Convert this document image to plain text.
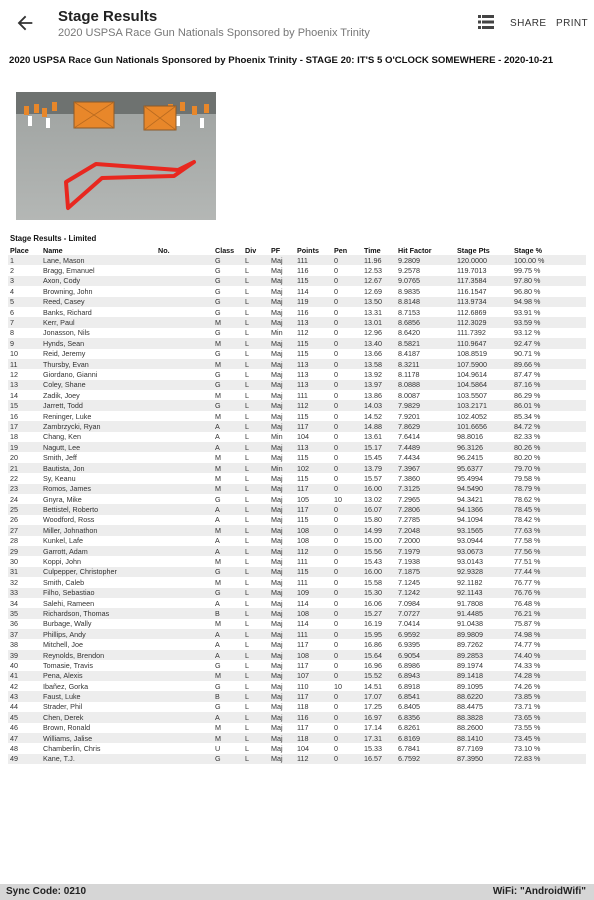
Stage Results
2020 USPSA Race Gun Nationals Sponsored by Phoenix Trinity
SHARE PRINT
2020 USPSA Race Gun Nationals Sponsored by Phoenix Trinity - STAGE 20: IT'S 5 O'CLOCK SOMEWHERE - 2020-10-21
Stage Results - Limited
Place	Name	No.	Class	Div	PF	Points	Pen	Time	Hit Factor	Stage Pts	Stage %
1	Lane, Mason		G	L	Maj	111	0	11.96	9.2809	120.0000	100.00 %
2	Bragg, Emanuel		G	L	Maj	116	0	12.53	9.2578	119.7013	99.75 %
3	Axon, Cody		G	L	Maj	115	0	12.67	9.0765	117.3584	97.80 %
4	Browning, John		G	L	Maj	114	0	12.69	8.9835	116.1547	96.80 %
5	Reed, Casey		G	L	Maj	119	0	13.50	8.8148	113.9734	94.98 %
6	Banks, Richard		G	L	Maj	116	0	13.31	8.7153	112.6869	93.91 %
7	Kerr, Paul		M	L	Maj	113	0	13.01	8.6856	112.3029	93.59 %
8	Jonasson, Nils		G	L	Min	112	0	12.96	8.6420	111.7392	93.12 %
9	Hynds, Sean		M	L	Maj	115	0	13.40	8.5821	110.9647	92.47 %
10	Reid, Jeremy		G	L	Maj	115	0	13.66	8.4187	108.8519	90.71 %
11	Thursby, Evan		M	L	Maj	113	0	13.58	8.3211	107.5900	89.66 %
12	Giordano, Gianni		G	L	Maj	113	0	13.92	8.1178	104.9614	87.47 %
13	Coley, Shane		G	L	Maj	113	0	13.97	8.0888	104.5864	87.16 %
14	Zadik, Joey		M	L	Maj	111	0	13.86	8.0087	103.5507	86.29 %
15	Jarrett, Todd		G	L	Maj	112	0	14.03	7.9829	103.2171	86.01 %
16	Reninger, Luke		M	L	Maj	115	0	14.52	7.9201	102.4052	85.34 %
17	Zambrzycki, Ryan		A	L	Maj	117	0	14.88	7.8629	101.6656	84.72 %
18	Chang, Ken		A	L	Min	104	0	13.61	7.6414	98.8016	82.33 %
19	Nagutt, Lee		A	L	Maj	113	0	15.17	7.4489	96.3126	80.26 %
20	Smith, Jeff		M	L	Maj	115	0	15.45	7.4434	96.2415	80.20 %
21	Bautista, Jon		M	L	Min	102	0	13.79	7.3967	95.6377	79.70 %
22	Sy, Keanu		M	L	Maj	115	0	15.57	7.3860	95.4994	79.58 %
23	Romos, James		M	L	Maj	117	0	16.00	7.3125	94.5490	78.79 %
24	Gnyra, Mike		G	L	Maj	105	10	13.02	7.2965	94.3421	78.62 %
25	Bettistel, Roberto		A	L	Maj	117	0	16.07	7.2806	94.1366	78.45 %
26	Woodford, Ross		A	L	Maj	115	0	15.80	7.2785	94.1094	78.42 %
27	Miller, Johnathon		M	L	Maj	108	0	14.99	7.2048	93.1565	77.63 %
28	Kunkel, Lafe		A	L	Maj	108	0	15.00	7.2000	93.0944	77.58 %
29	Garrott, Adam		A	L	Maj	112	0	15.56	7.1979	93.0673	77.56 %
30	Koppi, John		M	L	Maj	111	0	15.43	7.1938	93.0143	77.51 %
31	Culpepper, Christopher		G	L	Maj	115	0	16.00	7.1875	92.9328	77.44 %
32	Smith, Caleb		M	L	Maj	111	0	15.58	7.1245	92.1182	76.77 %
33	Filho, Sebastiao		G	L	Maj	109	0	15.30	7.1242	92.1143	76.76 %
34	Salehi, Rameen		A	L	Maj	114	0	16.06	7.0984	91.7808	76.48 %
35	Richardson, Thomas		B	L	Maj	108	0	15.27	7.0727	91.4485	76.21 %
36	Burbage, Wally		M	L	Maj	114	0	16.19	7.0414	91.0438	75.87 %
37	Phillips, Andy		A	L	Maj	111	0	15.95	6.9592	89.9809	74.98 %
38	Mitchell, Joe		A	L	Maj	117	0	16.86	6.9395	89.7262	74.77 %
39	Reynolds, Brendon		A	L	Maj	108	0	15.64	6.9054	89.2853	74.40 %
40	Tomasie, Travis		G	L	Maj	117	0	16.96	6.8986	89.1974	74.33 %
41	Pena, Alexis		M	L	Maj	107	0	15.52	6.8943	89.1418	74.28 %
42	Ibañez, Gorka		G	L	Maj	110	10	14.51	6.8918	89.1095	74.26 %
43	Faust, Luke		B	L	Maj	117	0	17.07	6.8541	88.6220	73.85 %
44	Strader, Phil		G	L	Maj	118	0	17.25	6.8405	88.4475	73.71 %
45	Chen, Derek		A	L	Maj	116	0	16.97	6.8356	88.3828	73.65 %
46	Brown, Ronald		M	L	Maj	117	0	17.14	6.8261	88.2600	73.55 %
47	Williams, Jalise		M	L	Maj	118	0	17.31	6.8169	88.1410	73.45 %
48	Chamberlin, Chris		U	L	Maj	104	0	15.33	6.7841	87.7169	73.10 %
49	Kane, T.J.		G	L	Maj	112	0	16.57	6.7592	87.3950	72.83 %
Sync Code: 0210	WiFi: "AndroidWifi"
